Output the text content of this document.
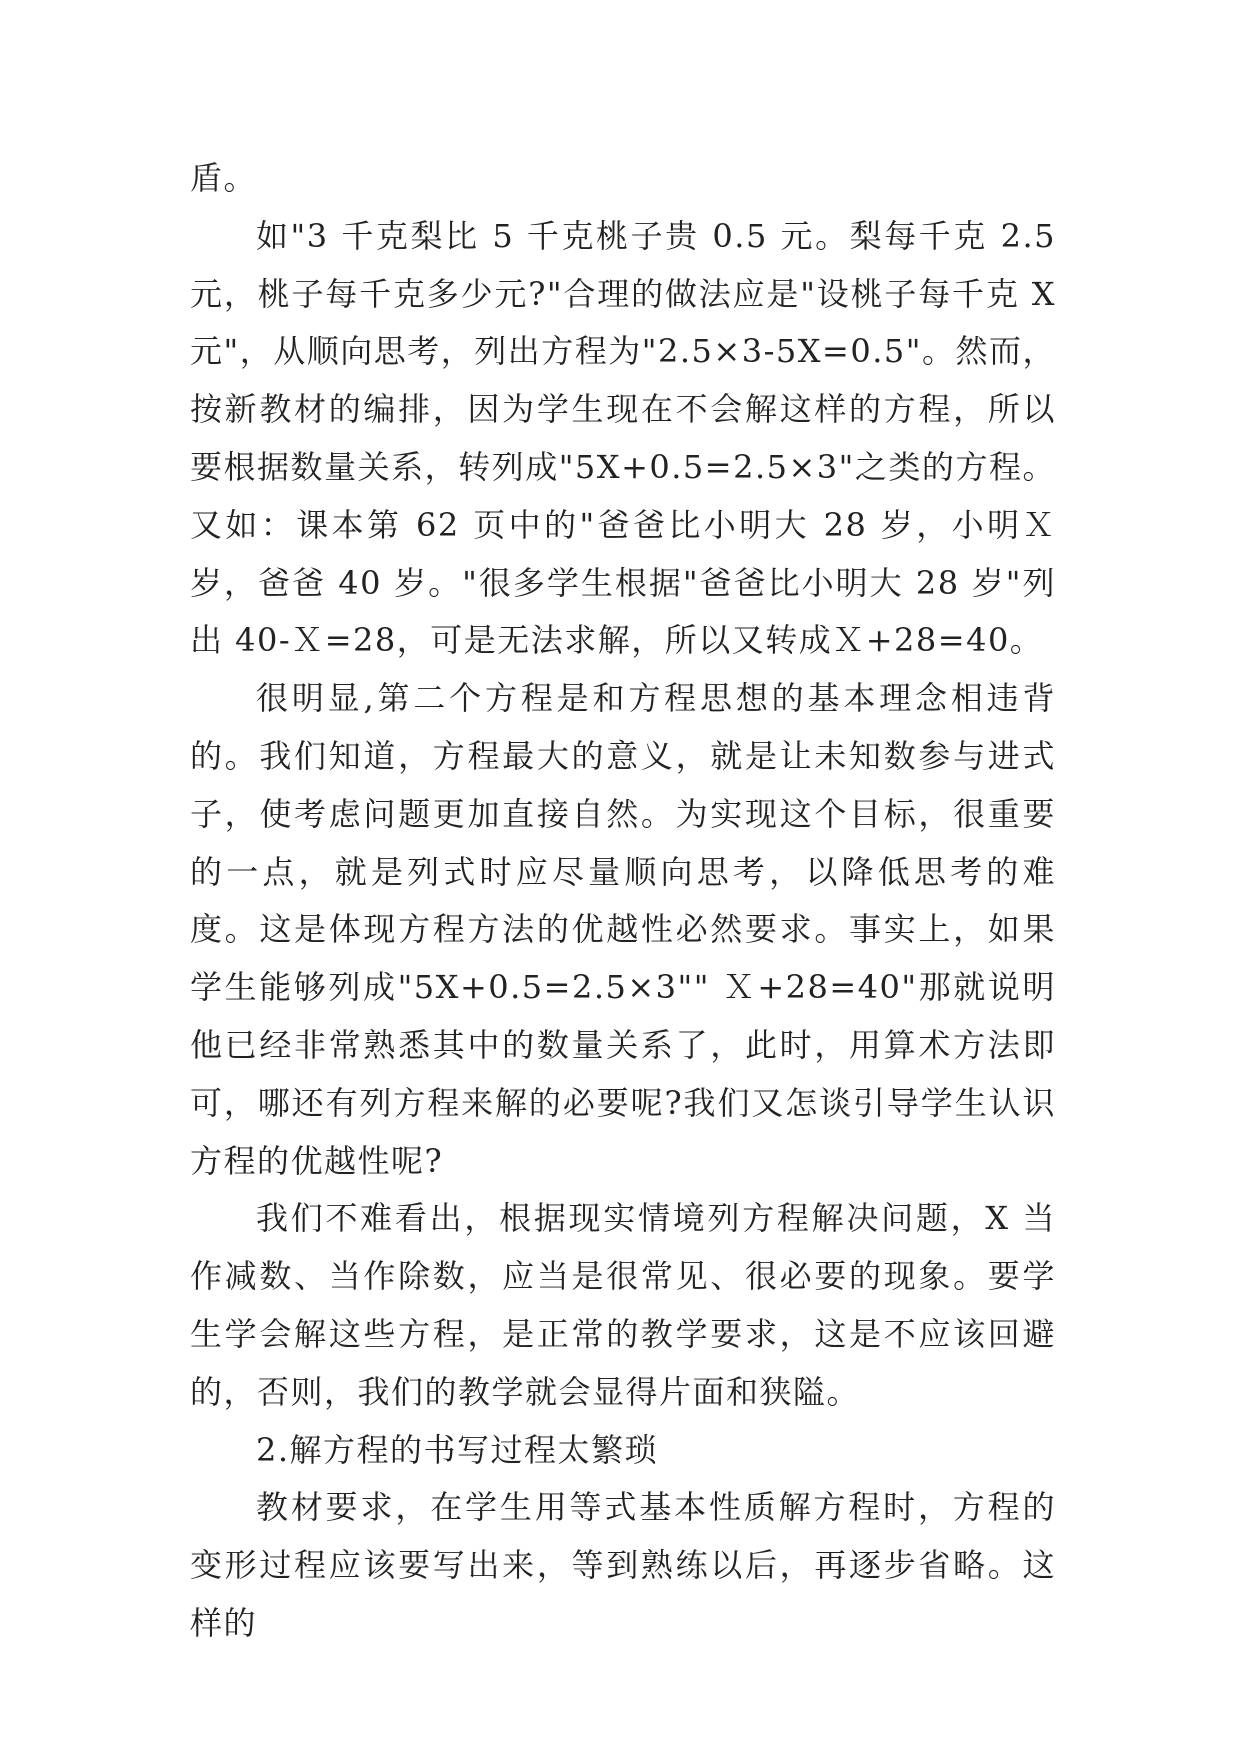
盾。

如"3 千克梨比 5 千克桃子贵 0.5 元。梨每千克 2.5 元，桃子每千克多少元?"合理的做法应是"设桃子每千克 X 元"，从顺向思考，列出方程为"2.5×3-5X=0.5"。然而，按新教材的编排，因为学生现在不会解这样的方程，所以要根据数量关系，转列成"5X+0.5=2.5×3"之类的方程。又如：课本第 62 页中的"爸爸比小明大 28 岁，小明Ｘ岁，爸爸 40 岁。"很多学生根据"爸爸比小明大 28 岁"列出 40-Ｘ=28，可是无法求解，所以又转成Ｘ+28=40。

很明显,第二个方程是和方程思想的基本理念相违背的。我们知道，方程最大的意义，就是让未知数参与进式子，使考虑问题更加直接自然。为实现这个目标，很重要的一点，就是列式时应尽量顺向思考，以降低思考的难度。这是体现方程方法的优越性必然要求。事实上，如果学生能够列成"5X+0.5=2.5×3"" Ｘ+28=40"那就说明他已经非常熟悉其中的数量关系了，此时，用算术方法即可，哪还有列方程来解的必要呢?我们又怎谈引导学生认识方程的优越性呢?

我们不难看出，根据现实情境列方程解决问题，X 当作减数、当作除数，应当是很常见、很必要的现象。要学生学会解这些方程，是正常的教学要求，这是不应该回避的，否则，我们的教学就会显得片面和狭隘。

2.解方程的书写过程太繁琐

教材要求，在学生用等式基本性质解方程时，方程的变形过程应该要写出来，等到熟练以后，再逐步省略。这样的
